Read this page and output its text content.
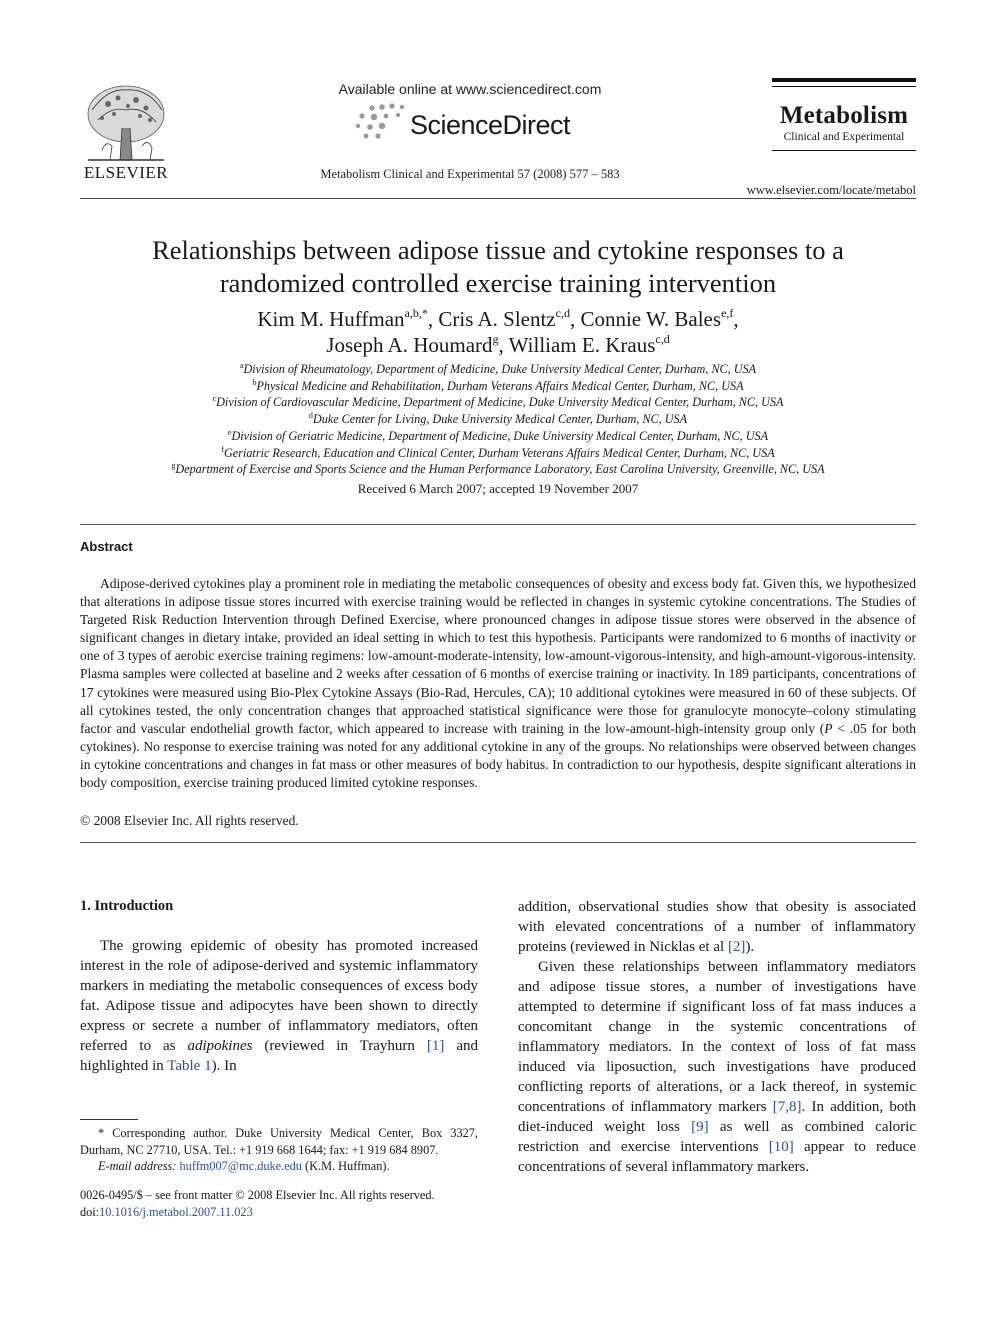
ELSEVIER
Available online at www.sciencedirect.com
ScienceDirect
Metabolism Clinical and Experimental 57 (2008) 577 – 583
Metabolism
Clinical and Experimental
www.elsevier.com/locate/metabol
Relationships between adipose tissue and cytokine responses to a
randomized controlled exercise training intervention
Kim M. Huffman$^{a,b,*}$, Cris A. Slentz$^{c,d}$, Connie W. Bales$^{e,f}$,
Joseph A. Houmard$^g$, William E. Kraus$^{c,d}$
$^a$Division of Rheumatology, Department of Medicine, Duke University Medical Center, Durham, NC, USA
$^b$Physical Medicine and Rehabilitation, Durham Veterans Affairs Medical Center, Durham, NC, USA
$^c$Division of Cardiovascular Medicine, Department of Medicine, Duke University Medical Center, Durham, NC, USA
$^d$Duke Center for Living, Duke University Medical Center, Durham, NC, USA
$^e$Division of Geriatric Medicine, Department of Medicine, Duke University Medical Center, Durham, NC, USA
$^f$Geriatric Research, Education and Clinical Center, Durham Veterans Affairs Medical Center, Durham, NC, USA
$^g$Department of Exercise and Sports Science and the Human Performance Laboratory, East Carolina University, Greenville, NC, USA
Received 6 March 2007; accepted 19 November 2007
Abstract

Adipose-derived cytokines play a prominent role in mediating the metabolic consequences of obesity and excess body fat. Given this, we hypothesized that alterations in adipose tissue stores incurred with exercise training would be reflected in changes in systemic cytokine concentrations. The Studies of Targeted Risk Reduction Intervention through Defined Exercise, where pronounced changes in adipose tissue stores were observed in the absence of significant changes in dietary intake, provided an ideal setting in which to test this hypothesis. Participants were randomized to 6 months of inactivity or one of 3 types of aerobic exercise training regimens: low-amount-moderate-intensity, low-amount-vigorous-intensity, and high-amount-vigorous-intensity. Plasma samples were collected at baseline and 2 weeks after cessation of 6 months of exercise training or inactivity. In 189 participants, concentrations of 17 cytokines were measured using Bio-Plex Cytokine Assays (Bio-Rad, Hercules, CA); 10 additional cytokines were measured in 60 of these subjects. Of all cytokines tested, the only concentration changes that approached statistical significance were those for granulocyte monocyte–colony stimulating factor and vascular endothelial growth factor, which appeared to increase with training in the low-amount-high-intensity group only (P < .05 for both cytokines). No response to exercise training was noted for any additional cytokine in any of the groups. No relationships were observed between changes in cytokine concentrations and changes in fat mass or other measures of body habitus. In contradiction to our hypothesis, despite significant alterations in body composition, exercise training produced limited cytokine responses.

© 2008 Elsevier Inc. All rights reserved.
1. Introduction

The growing epidemic of obesity has promoted increased interest in the role of adipose-derived and systemic inflammatory markers in mediating the metabolic consequences of excess body fat. Adipose tissue and adipocytes have been shown to directly express or secrete a number of inflammatory mediators, often referred to as adipokines (reviewed in Trayhurn [1] and highlighted in Table 1). In

addition, observational studies show that obesity is associated with elevated concentrations of a number of inflammatory proteins (reviewed in Nicklas et al [2]).

Given these relationships between inflammatory mediators and adipose tissue stores, a number of investigations have attempted to determine if significant loss of fat mass induces a concomitant change in the systemic concentrations of inflammatory mediators. In the context of loss of fat mass induced via liposuction, such investigations have produced conflicting reports of alterations, or a lack thereof, in systemic concentrations of inflammatory markers [7,8]. In addition, both diet-induced weight loss [9] as well as combined caloric restriction and exercise interventions [10] appear to reduce concentrations of several inflammatory markers.

* Corresponding author. Duke University Medical Center, Box 3327, Durham, NC 27710, USA. Tel.: +1 919 668 1644; fax: +1 919 684 8907.

E-mail address: huffm007@mc.duke.edu (K.M. Huffman).

0026-0495/$ – see front matter © 2008 Elsevier Inc. All rights reserved.
doi:10.1016/j.metabol.2007.11.023
